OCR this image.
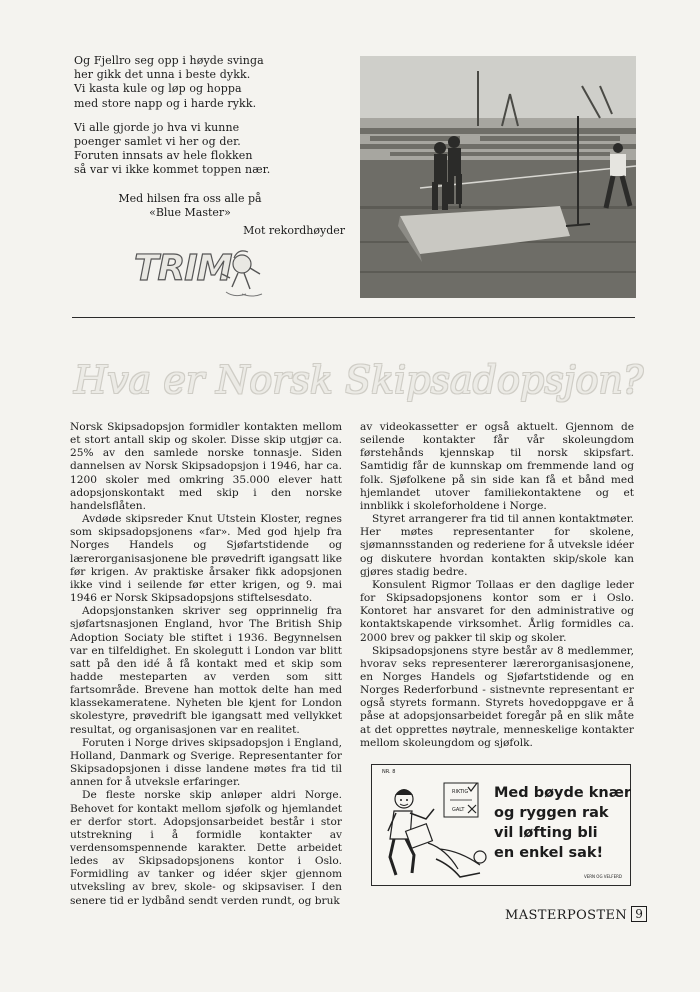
Og Fjellro seg opp i høyde svinga
her gikk det unna i beste dykk.
Vi kasta kule og løp og hoppa
med store napp og i harde rykk.
Vi alle gjorde jo hva vi kunne
poenger samlet vi her og der.
Foruten innsats av hele flokken
så var vi ikke kommet toppen nær.
Med hilsen fra oss alle på
«Blue Master»
Mot rekordhøyder
TRIM
Hva er Norsk Skipsadopsjon?

Norsk Skipsadopsjon formidler kontakten mellom et stort antall skip og skoler. Disse skip utgjør ca. 25% av den samlede norske tonnasje. Siden dannelsen av Norsk Skipsadopsjon i 1946, har ca. 1200 skoler med omkring 35.000 elever hatt adopsjonskontakt med skip i den norske handelsflåten.

Avdøde skipsreder Knut Utstein Kloster, regnes som skipsadopsjonens «far». Med god hjelp fra Norges Handels og Sjøfartstidende og lærerorganisasjonene ble prøvedrift igangsatt like før krigen. Av praktiske årsaker fikk adopsjonen ikke vind i seilende før etter krigen, og 9. mai 1946 er Norsk Skipsadopsjons stiftelsesdato.

Adopsjonstanken skriver seg opprinnelig fra sjøfartsnasjonen England, hvor The British Ship Adoption Sociaty ble stiftet i 1936. Begynnelsen var en tilfeldighet. En skolegutt i London var blitt satt på den idé å få kontakt med et skip som hadde mesteparten av verden som sitt fartsområde. Brevene han mottok delte han med klassekameratene. Nyheten ble kjent for London skolestyre, prøvedrift ble igangsatt med vellykket resultat, og organisasjonen var en realitet.

Foruten i Norge drives skipsadopsjon i England, Holland, Danmark og Sverige. Representanter for Skipsadopsjonen i disse landene møtes fra tid til annen for å utveksle erfaringer.

De fleste norske skip anløper aldri Norge. Behovet for kontakt mellom sjøfolk og hjemlandet er derfor stort. Adopsjonsarbeidet består i stor utstrekning i å formidle kontakter av verdensomspennende karakter. Dette arbeidet ledes av Skipsadopsjonens kontor i Oslo. Formidling av tanker og idéer skjer gjennom utveksling av brev, skole- og skipsaviser. I den senere tid er lydbånd sendt verden rundt, og bruk

av videokassetter er også aktuelt. Gjennom de seilende kontakter får vår skoleungdom førstehånds kjennskap til norsk skipsfart. Samtidig får de kunnskap om fremmende land og folk. Sjøfolkene på sin side kan få et bånd med hjemlandet utover familiekontaktene og et innblikk i skoleforholdene i Norge.

Styret arrangerer fra tid til annen kontaktmøter. Her møtes representanter for skolene, sjømannsstanden og rederiene for å utveksle idéer og diskutere hvordan kontakten skip/skole kan gjøres stadig bedre.

Konsulent Rigmor Tollaas er den daglige leder for Skipsadopsjonens kontor som er i Oslo. Kontoret har ansvaret for den administrative og kontaktskapende virksomhet. Årlig formidles ca. 2000 brev og pakker til skip og skoler.

Skipsadopsjonens styre består av 8 medlemmer, hvorav seks representerer lærerorganisasjonene, en Norges Handels og Sjøfartstidende og en Norges Rederforbund - sistnevnte representant er også styrets formann. Styrets hovedoppgave er å påse at adopsjonsarbeidet foregår på en slik måte at det opprettes nøytrale, menneskelige kontakter mellom skoleungdom og sjøfolk.

NR. 8
RIKTIG
GALT
Med bøyde knær
og ryggen rak
vil løfting bli
en enkel sak!
VERN OG VELFERD
MASTERPOSTEN 9
